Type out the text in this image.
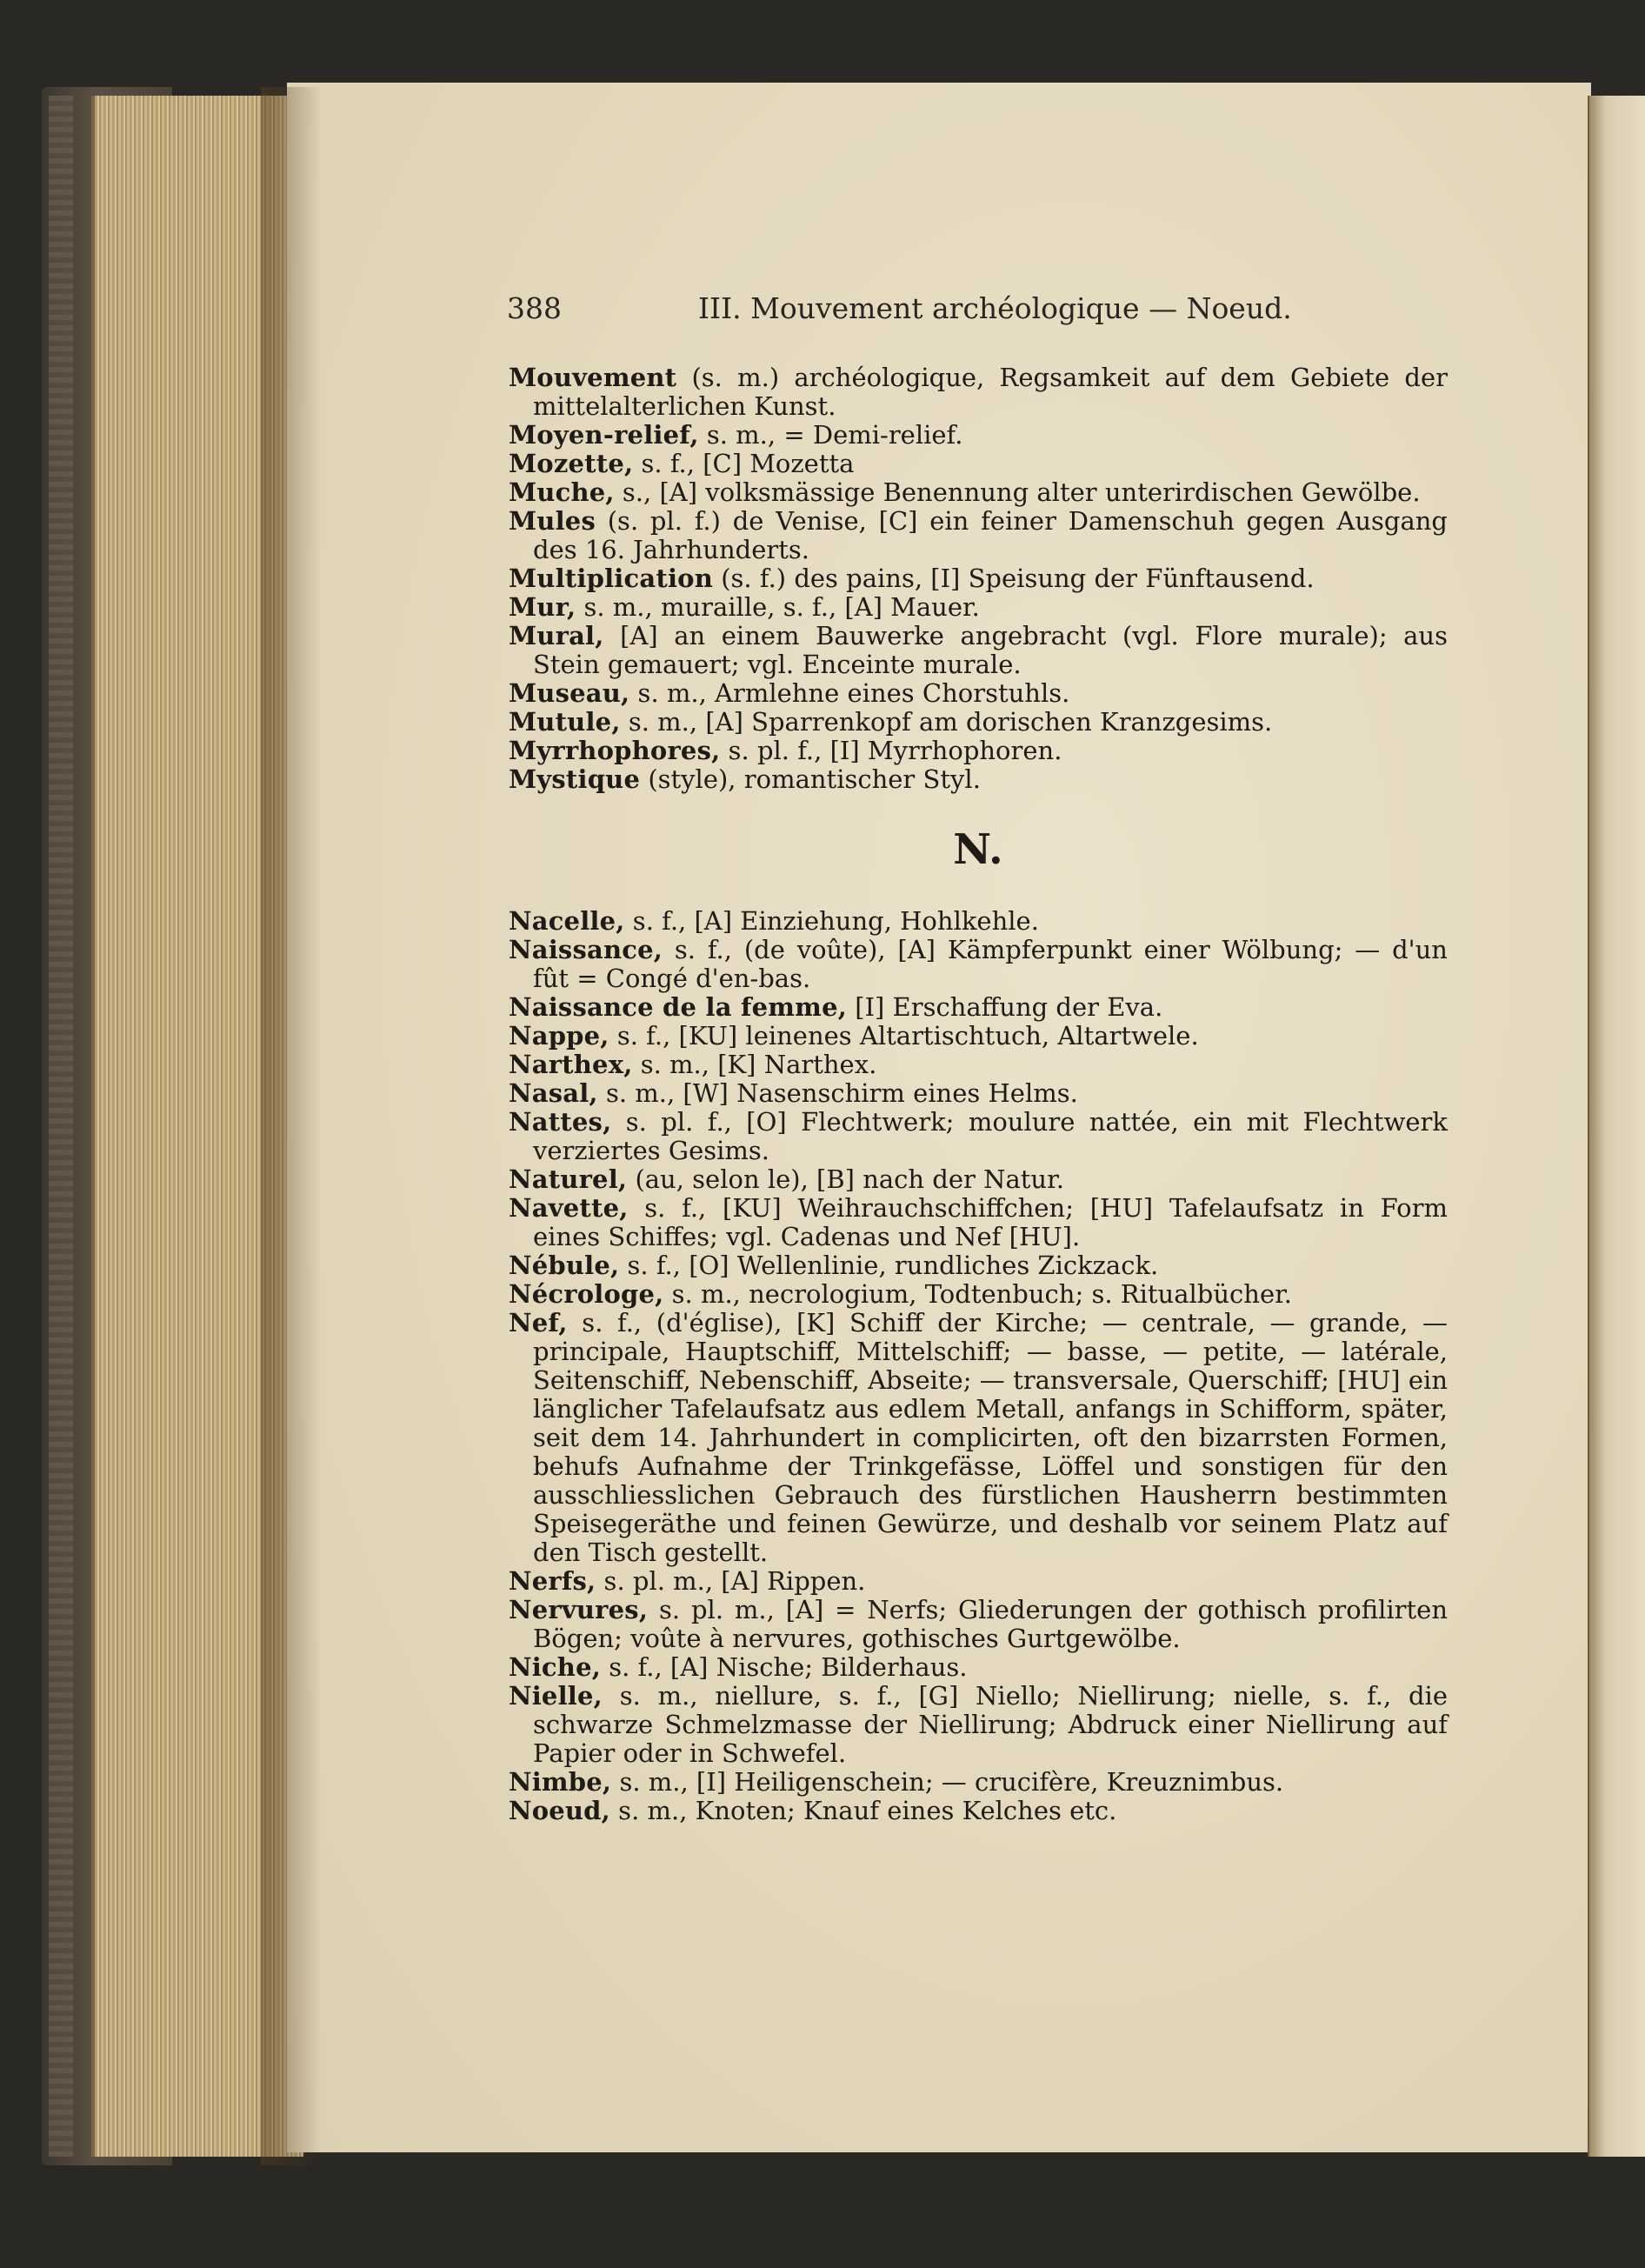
388	III. Mouvement archéologique — Noeud.

Mouvement (s. m.) archéologique, Regsamkeit auf dem Gebiete der mittelalterlichen Kunst.

Moyen-relief, s. m., = Demi-relief.

Mozette, s. f., [C] Mozetta

Muche, s., [A] volksmässige Benennung alter unterirdischen Gewölbe.

Mules (s. pl. f.) de Venise, [C] ein feiner Damenschuh gegen Ausgang des 16. Jahrhunderts.

Multiplication (s. f.) des pains, [I] Speisung der Fünftausend.

Mur, s. m., muraille, s. f., [A] Mauer.

Mural, [A] an einem Bauwerke angebracht (vgl. Flore murale); aus Stein gemauert; vgl. Enceinte murale.

Museau, s. m., Armlehne eines Chorstuhls.

Mutule, s. m., [A] Sparrenkopf am dorischen Kranzgesims.

Myrrhophores, s. pl. f., [I] Myrrhophoren.

Mystique (style), romantischer Styl.

N.

Nacelle, s. f., [A] Einziehung, Hohlkehle.

Naissance, s. f., (de voûte), [A] Kämpferpunkt einer Wölbung; — d'un fût = Congé d'en-bas.

Naissance de la femme, [I] Erschaffung der Eva.

Nappe, s. f., [KU] leinenes Altartischtuch, Altartwele.

Narthex, s. m., [K] Narthex.

Nasal, s. m., [W] Nasenschirm eines Helms.

Nattes, s. pl. f., [O] Flechtwerk; moulure nattée, ein mit Flechtwerk verziertes Gesims.

Naturel, (au, selon le), [B] nach der Natur.

Navette, s. f., [KU] Weihrauchschiffchen; [HU] Tafelaufsatz in Form eines Schiffes; vgl. Cadenas und Nef [HU].

Nébule, s. f., [O] Wellenlinie, rundliches Zickzack.

Nécrologe, s. m., necrologium, Todtenbuch; s. Ritualbücher.

Nef, s. f., (d'église), [K] Schiff der Kirche; — centrale, — grande, — principale, Hauptschiff, Mittelschiff; — basse, — petite, — latérale, Seitenschiff, Nebenschiff, Abseite; — transversale, Querschiff; [HU] ein länglicher Tafelaufsatz aus edlem Metall, anfangs in Schifform, später, seit dem 14. Jahrhundert in complicirten, oft den bizarrsten Formen, behufs Aufnahme der Trinkgefässe, Löffel und sonstigen für den ausschliesslichen Gebrauch des fürstlichen Hausherrn bestimmten Speisegeräthe und feinen Gewürze, und deshalb vor seinem Platz auf den Tisch gestellt.

Nerfs, s. pl. m., [A] Rippen.

Nervures, s. pl. m., [A] = Nerfs; Gliederungen der gothisch profilirten Bögen; voûte à nervures, gothisches Gurtgewölbe.

Niche, s. f., [A] Nische; Bilderhaus.

Nielle, s. m., niellure, s. f., [G] Niello; Niellirung; nielle, s. f., die schwarze Schmelzmasse der Niellirung; Abdruck einer Niellirung auf Papier oder in Schwefel.

Nimbe, s. m., [I] Heiligenschein; — crucifère, Kreuznimbus.

Noeud, s. m., Knoten; Knauf eines Kelches etc.
